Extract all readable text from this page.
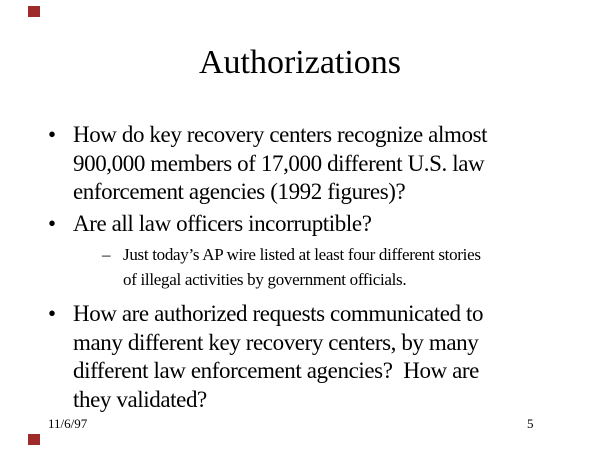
Authorizations
• How do key recovery centers recognize almost
900,000 members of 17,000 different U.S. law
enforcement agencies (1992 figures)?
• Are all law officers incorruptible?
– Just today’s AP wire listed at least four different stories
of illegal activities by government officials.
• How are authorized requests communicated to
many different key recovery centers, by many
different law enforcement agencies?  How are
they validated?
11/6/97	5
